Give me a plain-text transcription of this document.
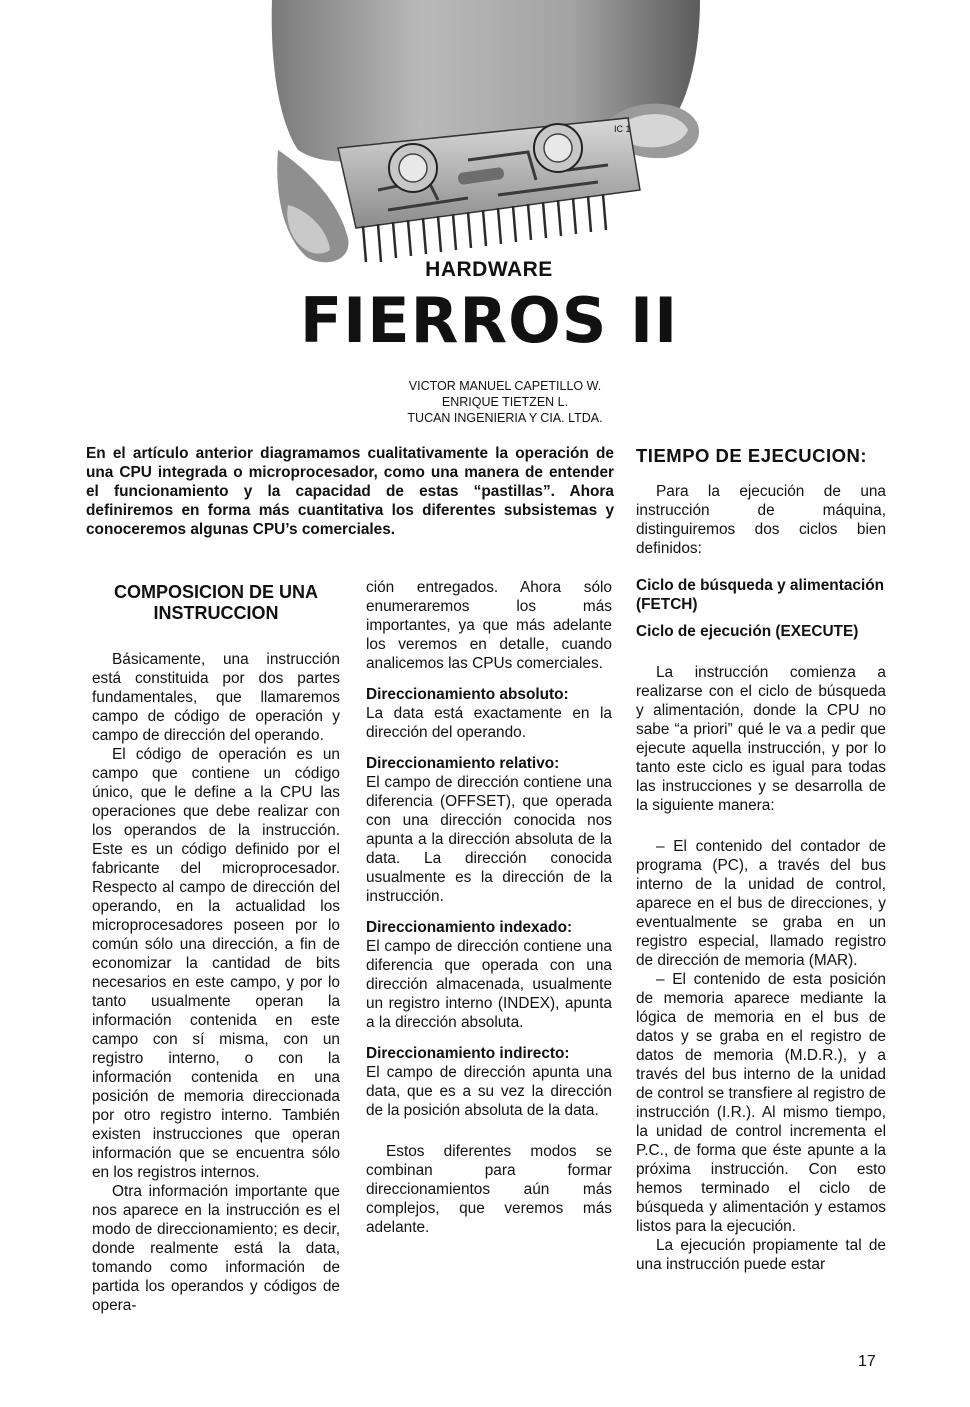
IC 1
HARDWARE
FIERROS II
VICTOR MANUEL CAPETILLO W.
ENRIQUE TIETZEN L.
TUCAN INGENIERIA Y CIA. LTDA.

En el artículo anterior diagramamos cualitativamente la operación de una CPU integrada o microprocesador, como una manera de entender el funcionamiento y la capacidad de estas “pastillas”. Ahora definiremos en forma más cuantitativa los diferentes subsistemas y conoceremos algunas CPU’s comerciales.

COMPOSICION DE UNA INSTRUCCION

Básicamente, una instrucción está constituida por dos partes fundamentales, que llamaremos campo de código de operación y campo de dirección del operando.

El código de operación es un campo que contiene un código único, que le define a la CPU las operaciones que debe realizar con los operandos de la instrucción. Este es un código definido por el fabricante del microprocesador. Respecto al campo de dirección del operando, en la actualidad los microprocesadores poseen por lo común sólo una dirección, a fin de economizar la cantidad de bits necesarios en este campo, y por lo tanto usualmente operan la información contenida en este campo con sí misma, con un registro interno, o con la información contenida en una posición de memoria direccionada por otro registro interno. También existen instrucciones que operan información que se encuentra sólo en los registros internos.

Otra información importante que nos aparece en la instrucción es el modo de direccionamiento; es decir, donde realmente está la data, tomando como información de partida los operandos y códigos de opera-

ción entregados. Ahora sólo enumeraremos los más importantes, ya que más adelante los veremos en detalle, cuando analicemos las CPUs comerciales.

Direccionamiento absoluto:

La data está exactamente en la dirección del operando.

Direccionamiento relativo:

El campo de dirección contiene una diferencia (OFFSET), que operada con una dirección conocida nos apunta a la dirección absoluta de la data. La dirección conocida usualmente es la dirección de la instrucción.

Direccionamiento indexado:

El campo de dirección contiene una diferencia que operada con una dirección almacenada, usualmente un registro interno (INDEX), apunta a la dirección absoluta.

Direccionamiento indirecto:

El campo de dirección apunta una data, que es a su vez la dirección de la posición absoluta de la data.

Estos diferentes modos se combinan para formar direccionamientos aún más complejos, que veremos más adelante.

TIEMPO DE EJECUCION:

Para la ejecución de una instrucción de máquina, distinguiremos dos ciclos bien definidos:

Ciclo de búsqueda y alimentación (FETCH)
Ciclo de ejecución (EXECUTE)

La instrucción comienza a realizarse con el ciclo de búsqueda y alimentación, donde la CPU no sabe “a priori” qué le va a pedir que ejecute aquella instrucción, y por lo tanto este ciclo es igual para todas las instrucciones y se desarrolla de la siguiente manera:

– El contenido del contador de programa (PC), a través del bus interno de la unidad de control, aparece en el bus de direcciones, y eventualmente se graba en un registro especial, llamado registro de dirección de memoria (MAR).

– El contenido de esta posición de memoria aparece mediante la lógica de memoria en el bus de datos y se graba en el registro de datos de memoria (M.D.R.), y a través del bus interno de la unidad de control se transfiere al registro de instrucción (I.R.). Al mismo tiempo, la unidad de control incrementa el P.C., de forma que éste apunte a la próxima instrucción. Con esto hemos terminado el ciclo de búsqueda y alimentación y estamos listos para la ejecución.

La ejecución propiamente tal de una instrucción puede estar

17
